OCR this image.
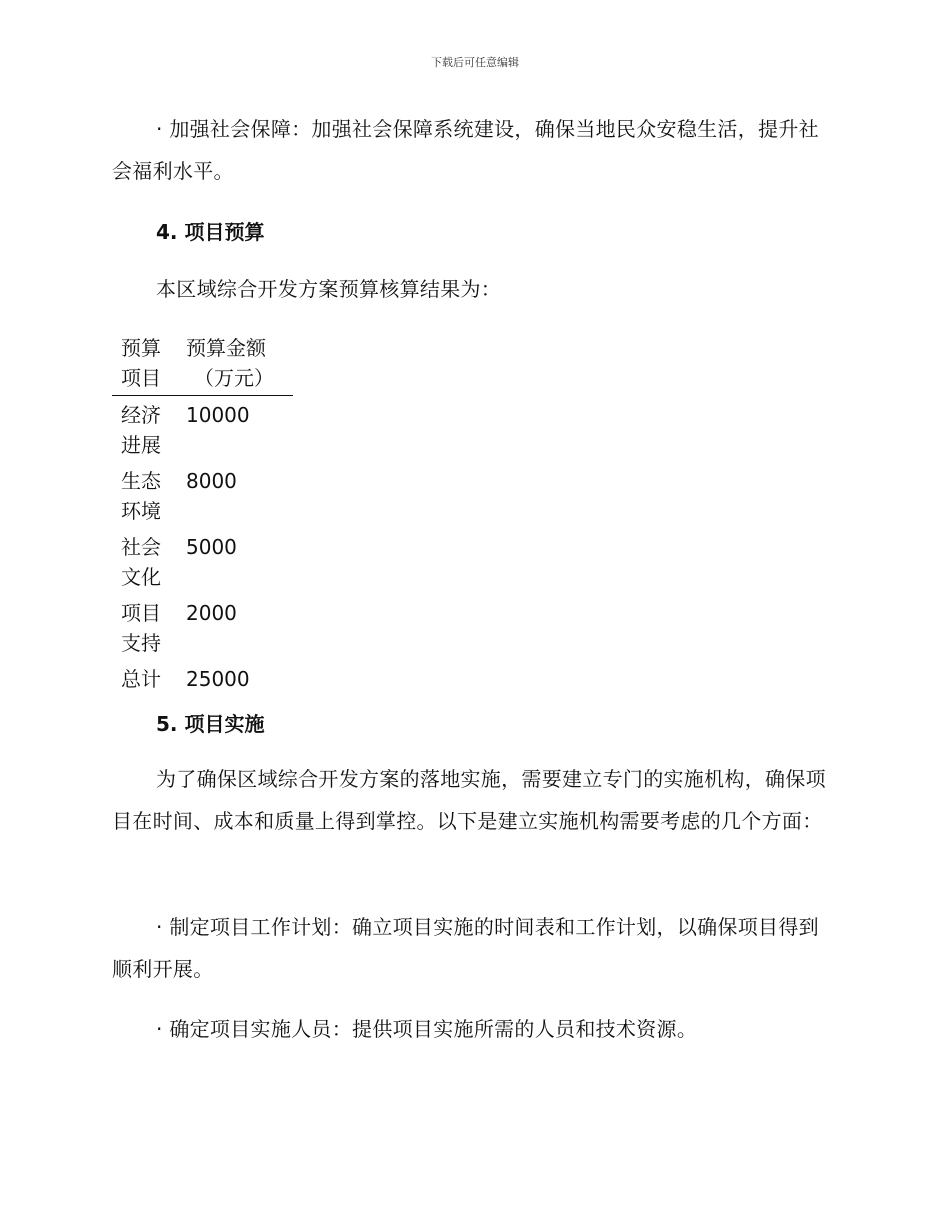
下载后可任意编辑

· 加强社会保障：加强社会保障系统建设，确保当地民众安稳生活，提升社会福利水平。

4. 项目预算

本区域综合开发方案预算核算结果为：

预算项目	预算金额
（万元）

经济进展	10000

生态环境	8000

社会文化	5000

项目支持	2000

总计	25000
5. 项目实施

为了确保区域综合开发方案的落地实施，需要建立专门的实施机构，确保项目在时间、成本和质量上得到掌控。以下是建立实施机构需要考虑的几个方面：

· 制定项目工作计划：确立项目实施的时间表和工作计划，以确保项目得到顺利开展。

· 确定项目实施人员：提供项目实施所需的人员和技术资源。
